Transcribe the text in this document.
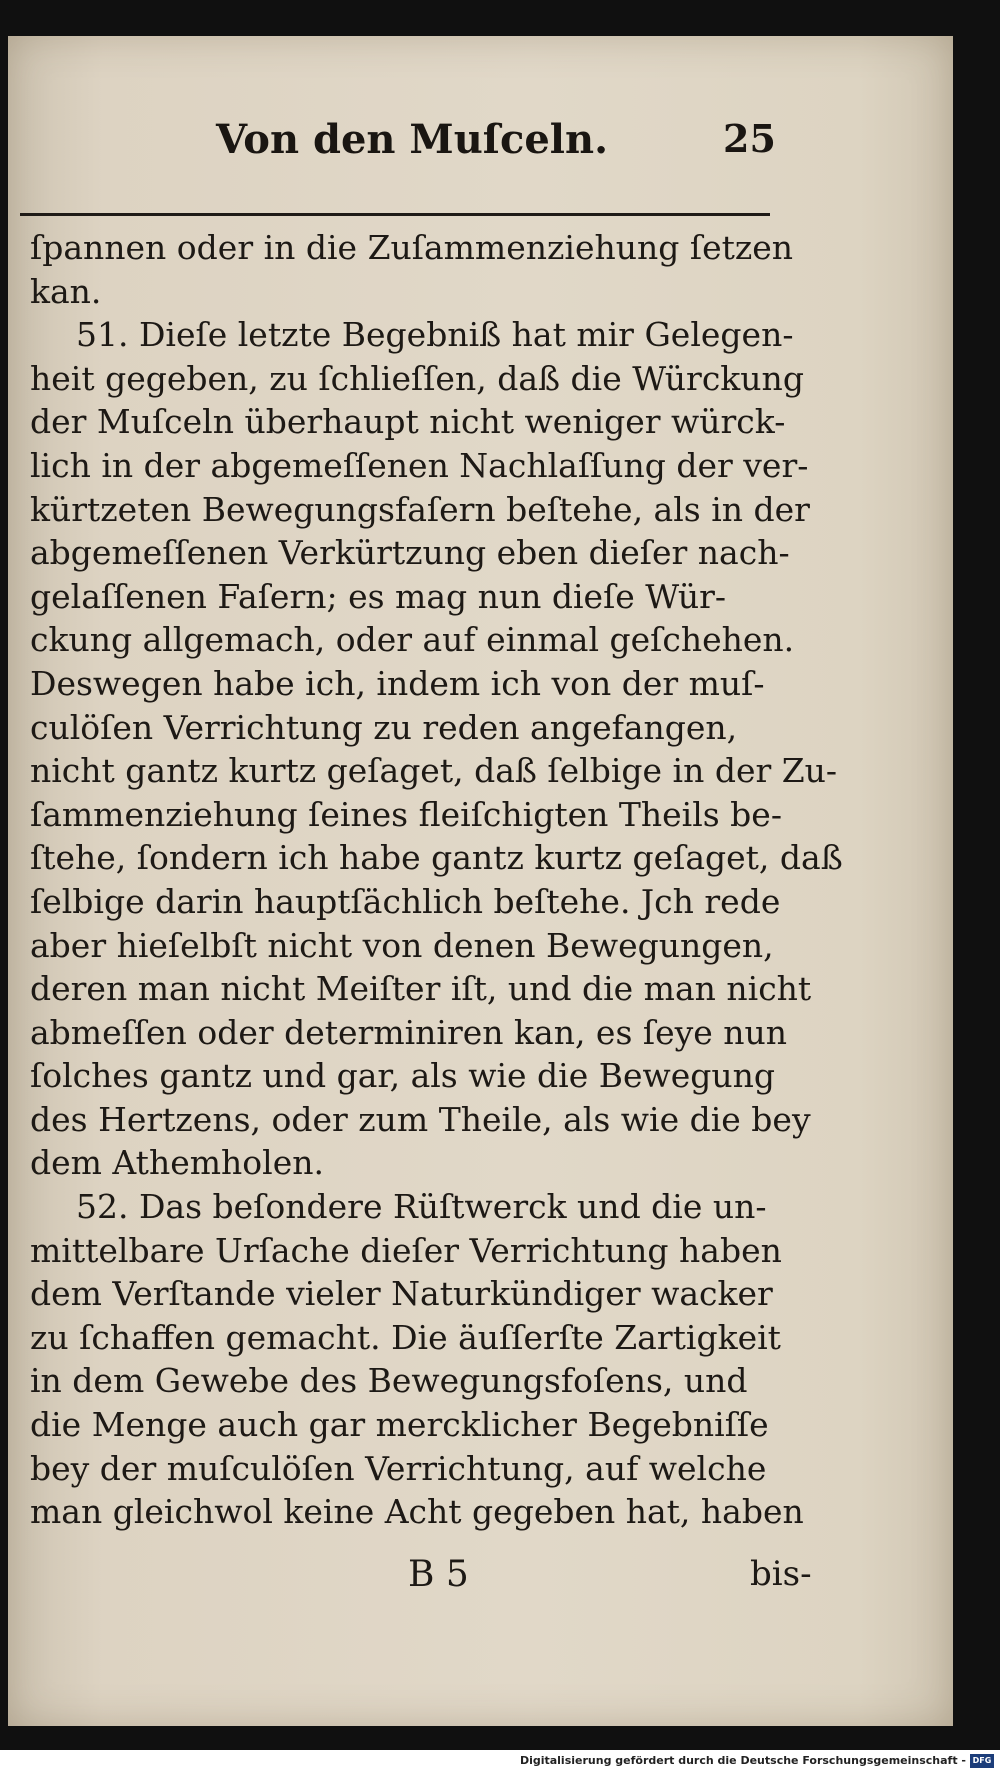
Von den Muſceln.	25
ſpannen oder in die Zuſammenziehung ſetzen
kan.
51. Dieſe letzte Begebniß hat mir Gelegen-
heit gegeben, zu ſchlieſſen, daß die Würckung
der Muſceln überhaupt nicht weniger würck-
lich in der abgemeſſenen Nachlaſſung der ver-
kürtzeten Bewegungsfaſern beſtehe, als in der
abgemeſſenen Verkürtzung eben dieſer nach-
gelaſſenen Faſern; es mag nun dieſe Wür-
ckung allgemach, oder auf einmal geſchehen.
Deswegen habe ich, indem ich von der muſ-
culöſen Verrichtung zu reden angefangen,
nicht gantz kurtz geſaget, daß ſelbige in der Zu-
ſammenziehung ſeines fleiſchigten Theils be-
ſtehe, ſondern ich habe gantz kurtz geſaget, daß
ſelbige darin hauptſächlich beſtehe. Jch rede
aber hieſelbſt nicht von denen Bewegungen,
deren man nicht Meiſter iſt, und die man nicht
abmeſſen oder determiniren kan, es ſeye nun
ſolches gantz und gar, als wie die Bewegung
des Hertzens, oder zum Theile, als wie die bey
dem Athemholen.
52. Das beſondere Rüſtwerck und die un-
mittelbare Urſache dieſer Verrichtung haben
dem Verſtande vieler Naturkündiger wacker
zu ſchaffen gemacht. Die äuſſerſte Zartigkeit
in dem Gewebe des Bewegungsfoſens, und
die Menge auch gar mercklicher Begebniſſe
bey der muſculöſen Verrichtung, auf welche
man gleichwol keine Acht gegeben hat, haben
B 5	bis-
Digitalisierung gefördert durch die Deutsche Forschungsgemeinschaft - DFG
